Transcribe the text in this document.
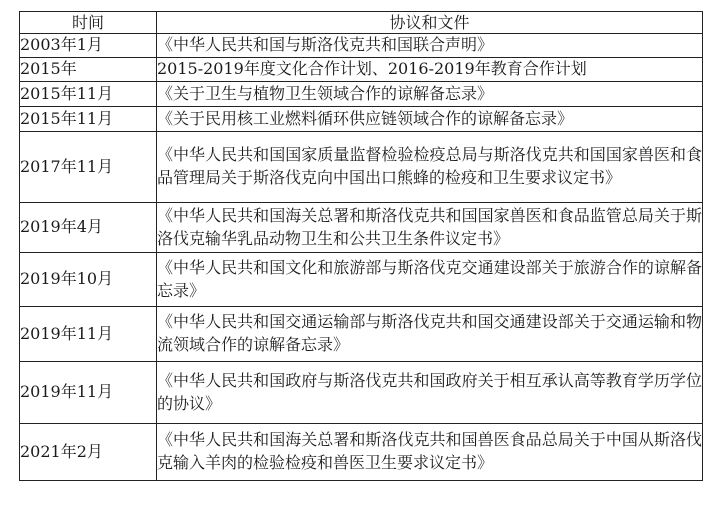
时间	协议和文件
2003年1月	《中华人民共和国与斯洛伐克共和国联合声明》
2015年	2015-2019年度文化合作计划、2016-2019年教育合作计划
2015年11月	《关于卫生与植物卫生领域合作的谅解备忘录》
2015年11月	《关于民用核工业燃料循环供应链领域合作的谅解备忘录》
2017年11月	《中华人民共和国国家质量监督检验检疫总局与斯洛伐克共和国国家兽医和食品管理局关于斯洛伐克向中国出口熊蜂的检疫和卫生要求议定书》
2019年4月	《中华人民共和国海关总署和斯洛伐克共和国国家兽医和食品监管总局关于斯洛伐克输华乳品动物卫生和公共卫生条件议定书》
2019年10月	《中华人民共和国文化和旅游部与斯洛伐克交通建设部关于旅游合作的谅解备忘录》
2019年11月	《中华人民共和国交通运输部与斯洛伐克共和国交通建设部关于交通运输和物流领域合作的谅解备忘录》
2019年11月	《中华人民共和国政府与斯洛伐克共和国政府关于相互承认高等教育学历学位的协议》
2021年2月	《中华人民共和国海关总署和斯洛伐克共和国兽医食品总局关于中国从斯洛伐克输入羊肉的检验检疫和兽医卫生要求议定书》
